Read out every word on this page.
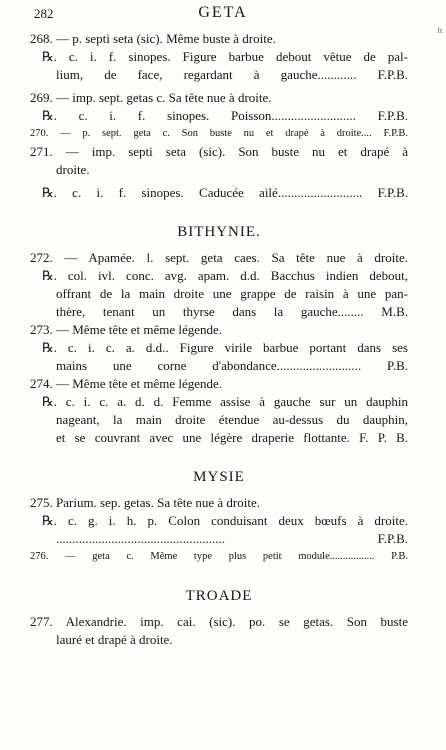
282	GETA
fr.
268. — p. septi seta (sic). Même buste à droite.
℞. c. i. f. sinopes. Figure barbue debout vêtue de pal-
lium, de face, regardant à gauche............ F.P.B.
269. — imp. sept. getas c. Sa tête nue à droite.
℞. c. i. f. sinopes. Poisson.......................... F.P.B.
270. — p. sept. geta c. Son buste nu et drapé à droite.... F.P.B.
271. — imp. septi seta (sic). Son buste nu et drapé à
droite.
℞. c. i. f. sinopes. Caducée ailé.......................... F.P.B.
BITHYNIE.
272. — Apamée. l. sept. geta caes. Sa tête nue à droite.
℞. col. ivl. conc. avg. apam. d.d. Bacchus indien debout,
offrant de la main droite une grappe de raisin à une pan-
thère, tenant un thyrse dans la gauche........ M.B.
273. — Même tête et même légende.
℞. c. i. c. a. d.d.. Figure virile barbue portant dans ses
mains une corne d'abondance.......................... P.B.
274. — Même tête et même légende.
℞. c. i. c. a. d. d. Femme assise à gauche sur un dauphin
nageant, la main droite étendue au-dessus du dauphin,
et se couvrant avec une légère draperie flottante. F. P. B.
MYSIE
275. Parium. sep. getas. Sa tête nue à droite.
℞. c. g. i. h. p. Colon conduisant deux bœufs à droite.
.................................................... F.P.B.
276. — geta c. Même type plus petit module................. P.B.
TROADE
277. Alexandrie. imp. cai. (sic). po. se getas. Son buste
lauré et drapé à droite.
